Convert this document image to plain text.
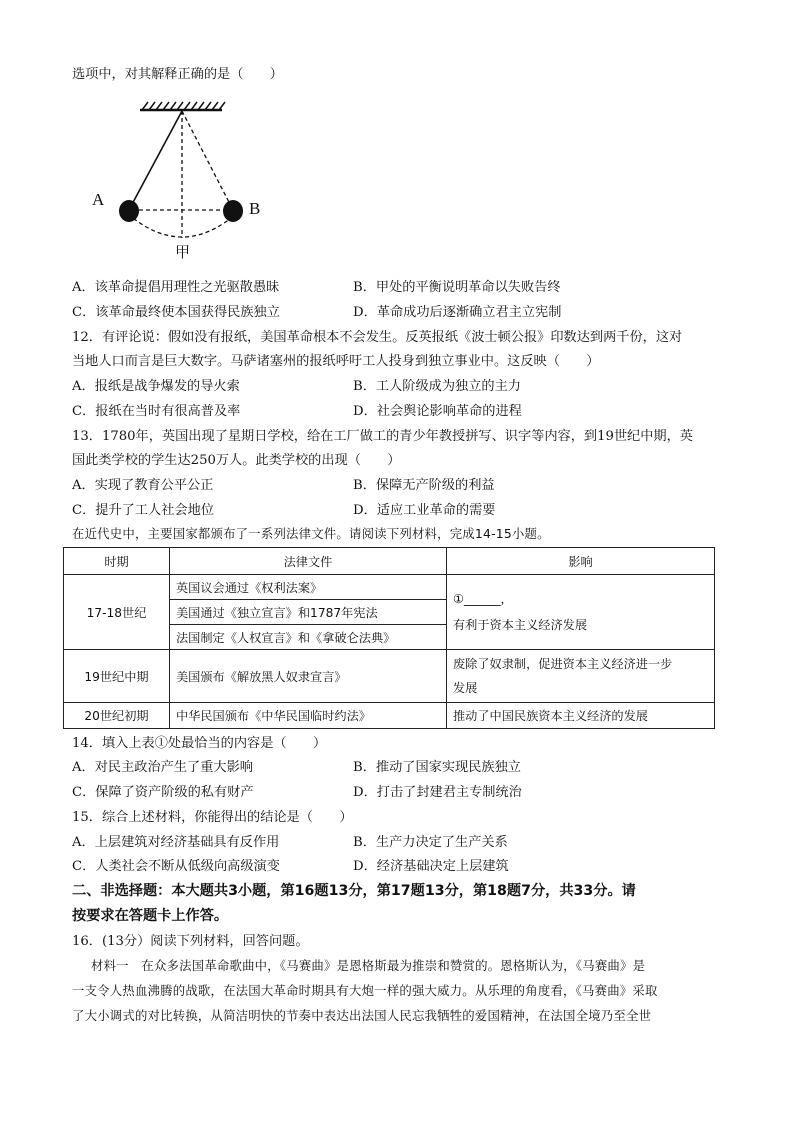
选项中，对其解释正确的是（　　）
A	B
甲
A．该革命提倡用理性之光驱散愚昧	B．甲处的平衡说明革命以失败告终
C．该革命最终使本国获得民族独立	D．革命成功后逐渐确立君主立宪制
12．有评论说：假如没有报纸，美国革命根本不会发生。反英报纸《波士顿公报》印数达到两千份，这对
当地人口而言是巨大数字。马萨诸塞州的报纸呼吁工人投身到独立事业中。这反映（　　）
A．报纸是战争爆发的导火索	B．工人阶级成为独立的主力
C．报纸在当时有很高普及率	D．社会舆论影响革命的进程
13．1780年，英国出现了星期日学校，给在工厂做工的青少年教授拼写、识字等内容，到19世纪中期，英
国此类学校的学生达250万人。此类学校的出现（　　）
A．实现了教育公平公正	B．保障无产阶级的利益
C．提升了工人社会地位	D．适应工业革命的需要
在近代史中，主要国家都颁布了一系列法律文件。请阅读下列材料，完成14-15小题。
时期	法律文件	影响
17-18世纪	英国议会通过《权利法案》	①______，
有利于资本主义经济发展

	美国通过《独立宣言》和1787年宪法	
	法国制定《人权宣言》和《拿破仑法典》	
19世纪中期	美国颁布《解放黑人奴隶宣言》	废除了奴隶制，促进资本主义经济进一步
发展

20世纪初期	中华民国颁布《中华民国临时约法》	推动了中国民族资本主义经济的发展
14．填入上表①处最恰当的内容是（　　）
A．对民主政治产生了重大影响	B．推动了国家实现民族独立
C．保障了资产阶级的私有财产	D．打击了封建君主专制统治
15．综合上述材料，你能得出的结论是（　　）
A．上层建筑对经济基础具有反作用	B．生产力决定了生产关系
C．人类社会不断从低级向高级演变	D．经济基础决定上层建筑
二、非选择题：本大题共3小题，第16题13分，第17题13分，第18题7分，共33分。请
按要求在答题卡上作答。
16．(13分）阅读下列材料，回答问题。
材料一　在众多法国革命歌曲中，《马赛曲》是恩格斯最为推崇和赞赏的。恩格斯认为，《马赛曲》是
一支令人热血沸腾的战歌，在法国大革命时期具有大炮一样的强大威力。从乐理的角度看，《马赛曲》采取
了大小调式的对比转换，从简洁明快的节奏中表达出法国人民忘我牺牲的爱国精神，在法国全境乃至全世
